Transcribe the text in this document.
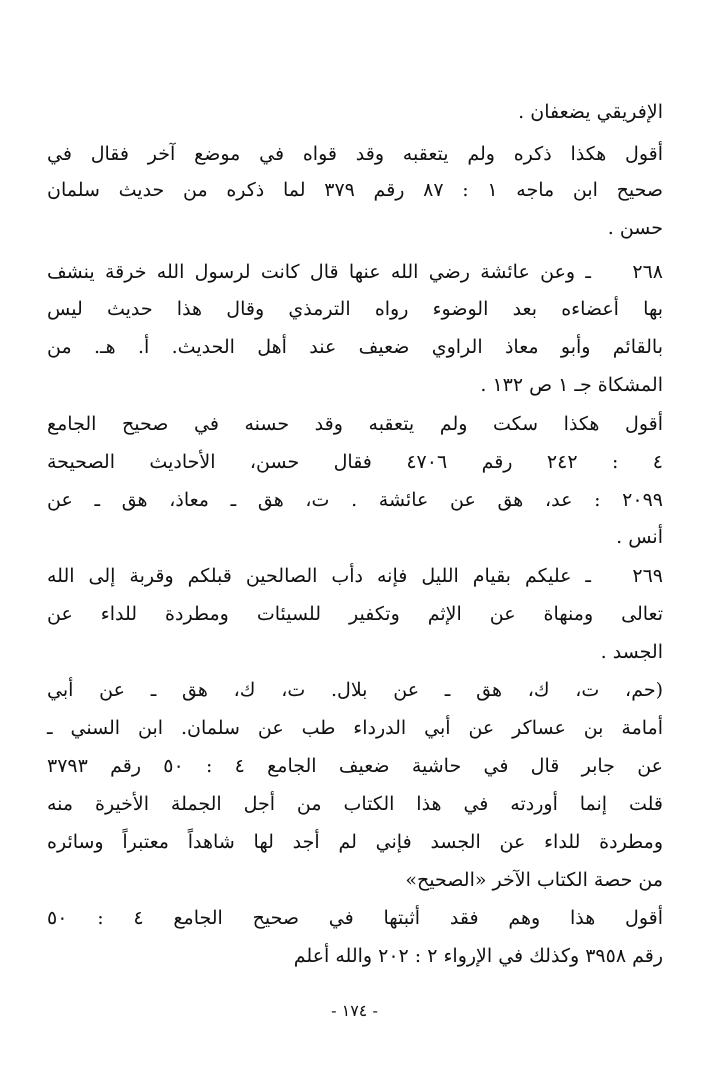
الإفريقي يضعفان .
أقول هكذا ذكره ولم يتعقبه وقد قواه في موضع آخر فقال في
صحيح ابن ماجه ١ : ٨٧ رقم ٣٧٩ لما ذكره من حديث سلمان
حسن .
٢٦٨
ـ وعن عائشة رضي الله عنها قال كانت لرسول الله خرقة ينشف
بها أعضاءه بعد الوضوء رواه الترمذي وقال هذا حديث ليس
بالقائم وأبو معاذ الراوي ضعيف عند أهل الحديث. أ. هـ. من
المشكاة جـ ١ ص ١٣٢ .
أقول هكذا سكت ولم يتعقبه وقد حسنه في صحيح الجامع
٤ : ٢٤٢ رقم ٤٧٠٦ فقال حسن، الأحاديث الصحيحة
٢٠٩٩ : عد، هق عن عائشة . ت، هق ـ معاذ، هق ـ عن
أنس .
٢٦٩
ـ عليكم بقيام الليل فإنه دأب الصالحين قبلكم وقربة إلى الله
تعالى ومنهاة عن الإثم وتكفير للسيئات ومطردة للداء عن
الجسد .
(حم، ت، ك، هق ـ عن بلال. ت، ك، هق ـ عن أبي
أمامة بن عساكر عن أبي الدرداء طب عن سلمان. ابن السني ـ
عن جابر قال في حاشية ضعيف الجامع ٤ : ٥٠ رقم ٣٧٩٣
قلت إنما أوردته في هذا الكتاب من أجل الجملة الأخيرة منه
ومطردة للداء عن الجسد فإني لم أجد لها شاهداً معتبراً وسائره
من حصة الكتاب الآخر «الصحيح»
أقول هذا وهم فقد أثبتها في صحيح الجامع ٤ : ٥٠
رقم ٣٩٥٨ وكذلك في الإرواء ٢ : ٢٠٢ والله أعلم
- ١٧٤ -
